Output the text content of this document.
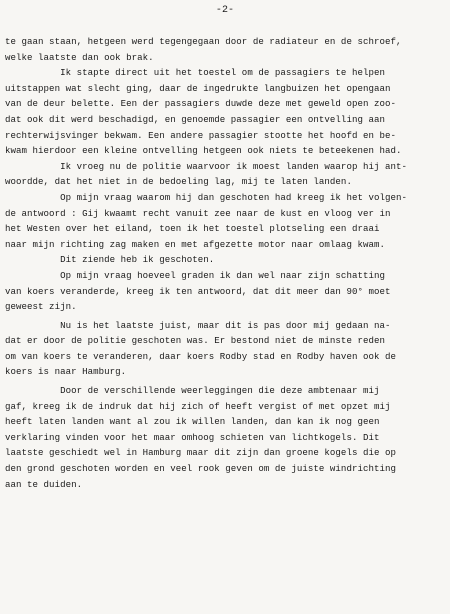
-2-
te gaan staan, hetgeen werd tegengegaan door de radiateur en de schroef,
welke laatste dan ook brak.
Ik stapte direct uit het toestel om de passagiers te helpen
uitstappen wat slecht ging, daar de ingedrukte langbuizen het opengaan
van de deur belette. Een der passagiers duwde deze met geweld open zoo-
dat ook dit werd beschadigd, en genoemde passagier een ontvelling aan
rechterwijsvinger bekwam. Een andere passagier stootte het hoofd en be-
kwam hierdoor een kleine ontvelling hetgeen ook niets te beteekenen had.
Ik vroeg nu de politie waarvoor ik moest landen waarop hij ant-
woordde, dat het niet in de bedoeling lag, mij te laten landen.
Op mijn vraag waarom hij dan geschoten had kreeg ik het volgen-
de antwoord : Gij kwaamt recht vanuit zee naar de kust en vloog ver in
het Westen over het eiland, toen ik het toestel plotseling een draai
naar mijn richting zag maken en met afgezette motor naar omlaag kwam.
Dit ziende heb ik geschoten.
Op mijn vraag hoeveel graden ik dan wel naar zijn schatting
van koers veranderde, kreeg ik ten antwoord, dat dit meer dan 90° moet
geweest zijn.
Nu is het laatste juist, maar dit is pas door mij gedaan na-
dat er door de politie geschoten was. Er bestond niet de minste reden
om van koers te veranderen, daar koers Rodby stad en Rodby haven ook de
koers is naar Hamburg.
Door de verschillende weerleggingen die deze ambtenaar mij
gaf, kreeg ik de indruk dat hij zich of heeft vergist of met opzet mij
heeft laten landen want al zou ik willen landen, dan kan ik nog geen
verklaring vinden voor het maar omhoog schieten van lichtkogels. Dit
laatste geschiedt wel in Hamburg maar dit zijn dan groene kogels die op
den grond geschoten worden en veel rook geven om de juiste windrichting
aan te duiden.
